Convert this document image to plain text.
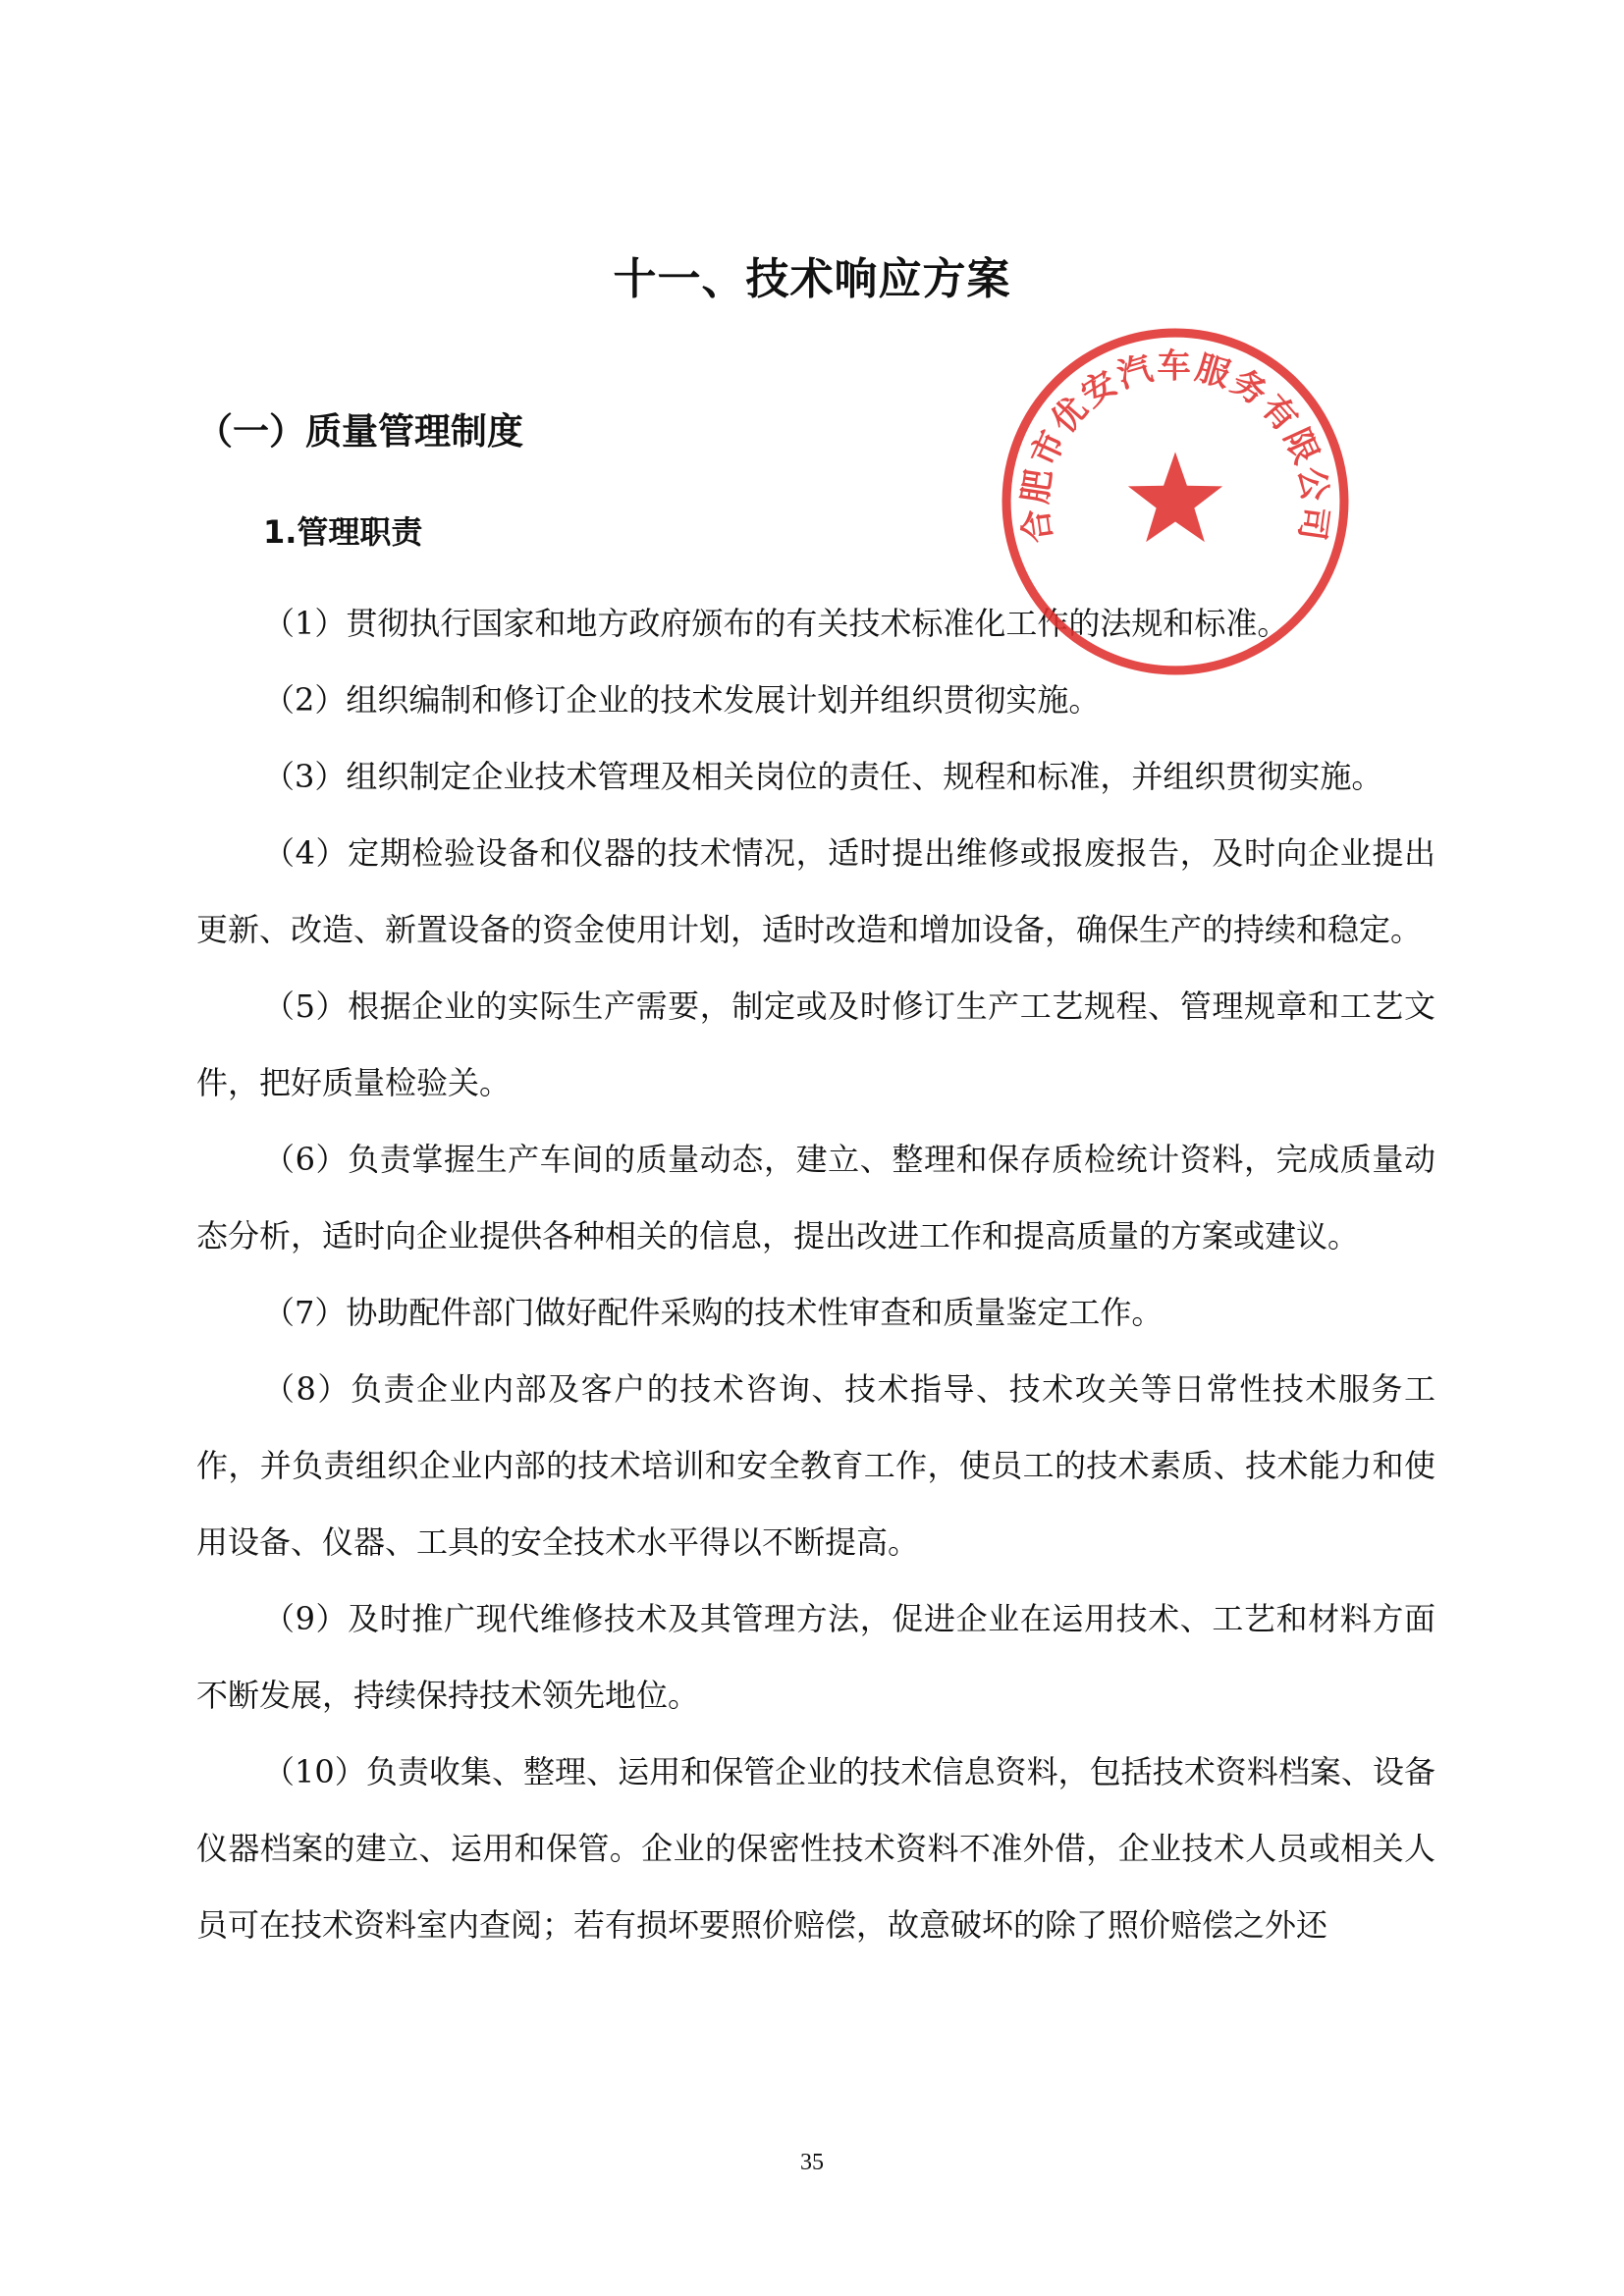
十一、技术响应方案
（一）质量管理制度
1.管理职责

（1）贯彻执行国家和地方政府颁布的有关技术标准化工作的法规和标准。

（2）组织编制和修订企业的技术发展计划并组织贯彻实施。

（3）组织制定企业技术管理及相关岗位的责任、规程和标准，并组织贯彻实施。

（4）定期检验设备和仪器的技术情况，适时提出维修或报废报告，及时向企业提出更新、改造、新置设备的资金使用计划，适时改造和增加设备，确保生产的持续和稳定。

（5）根据企业的实际生产需要，制定或及时修订生产工艺规程、管理规章和工艺文件，把好质量检验关。

（6）负责掌握生产车间的质量动态，建立、整理和保存质检统计资料，完成质量动态分析，适时向企业提供各种相关的信息，提出改进工作和提高质量的方案或建议。

（7）协助配件部门做好配件采购的技术性审查和质量鉴定工作。

（8）负责企业内部及客户的技术咨询、技术指导、技术攻关等日常性技术服务工作，并负责组织企业内部的技术培训和安全教育工作，使员工的技术素质、技术能力和使用设备、仪器、工具的安全技术水平得以不断提高。

（9）及时推广现代维修技术及其管理方法，促进企业在运用技术、工艺和材料方面不断发展，持续保持技术领先地位。

（10）负责收集、整理、运用和保管企业的技术信息资料，包括技术资料档案、设备仪器档案的建立、运用和保管。企业的保密性技术资料不准外借，企业技术人员或相关人员可在技术资料室内查阅；若有损坏要照价赔偿，故意破坏的除了照价赔偿之外还

合肥市优安汽车服务有限公司
35
